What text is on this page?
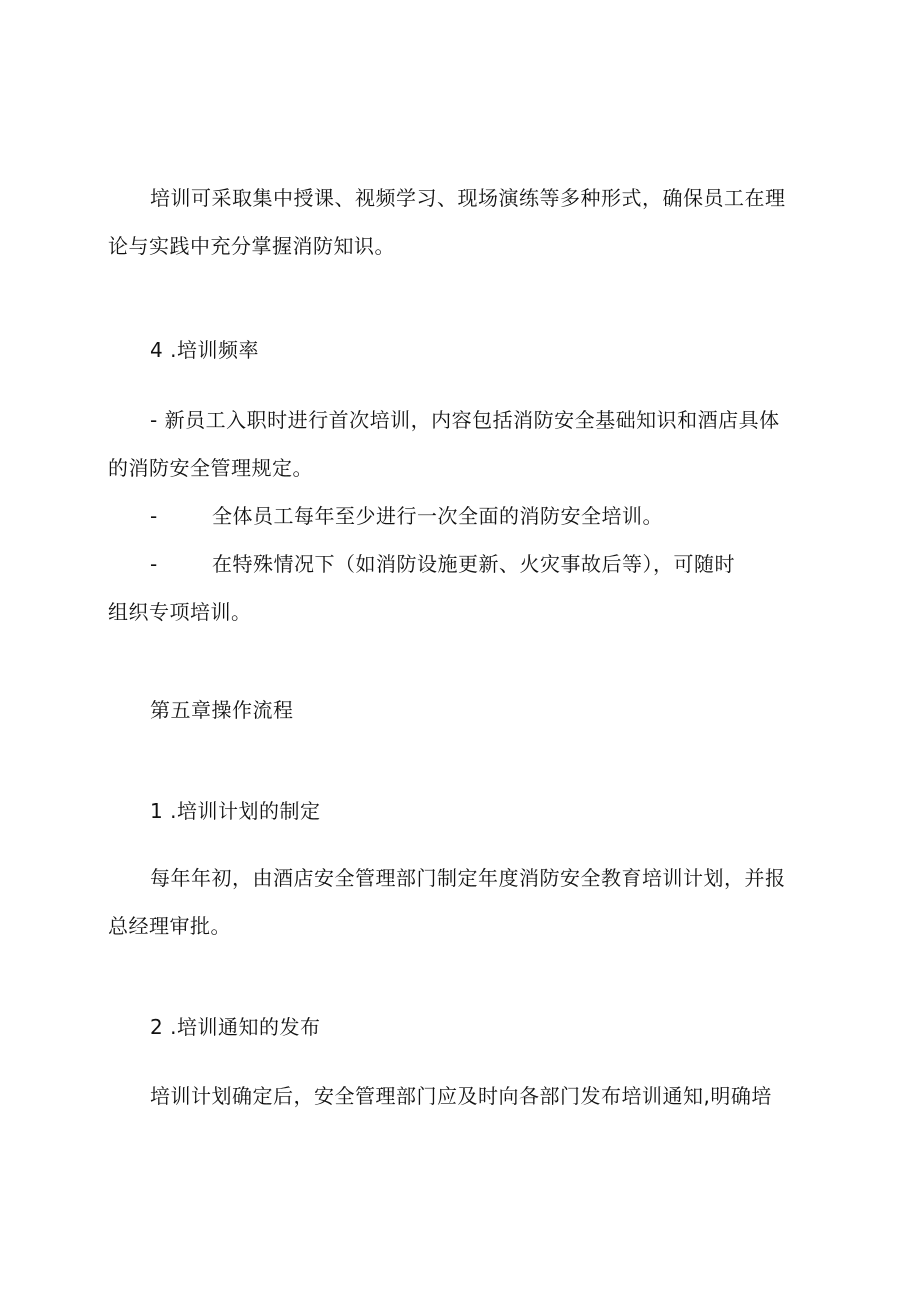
培训可采取集中授课、视频学习、现场演练等多种形式，确保员工在理
论与实践中充分掌握消防知识。
4 .培训频率
- 新员工入职时进行首次培训，内容包括消防安全基础知识和酒店具体
的消防安全管理规定。
-	全体员工每年至少进行一次全面的消防安全培训。
-	在特殊情况下（如消防设施更新、火灾事故后等），可随时
组织专项培训。
第五章操作流程
1 .培训计划的制定
每年年初，由酒店安全管理部门制定年度消防安全教育培训计划，并报
总经理审批。
2 .培训通知的发布
培训计划确定后，安全管理部门应及时向各部门发布培训通知,明确培
